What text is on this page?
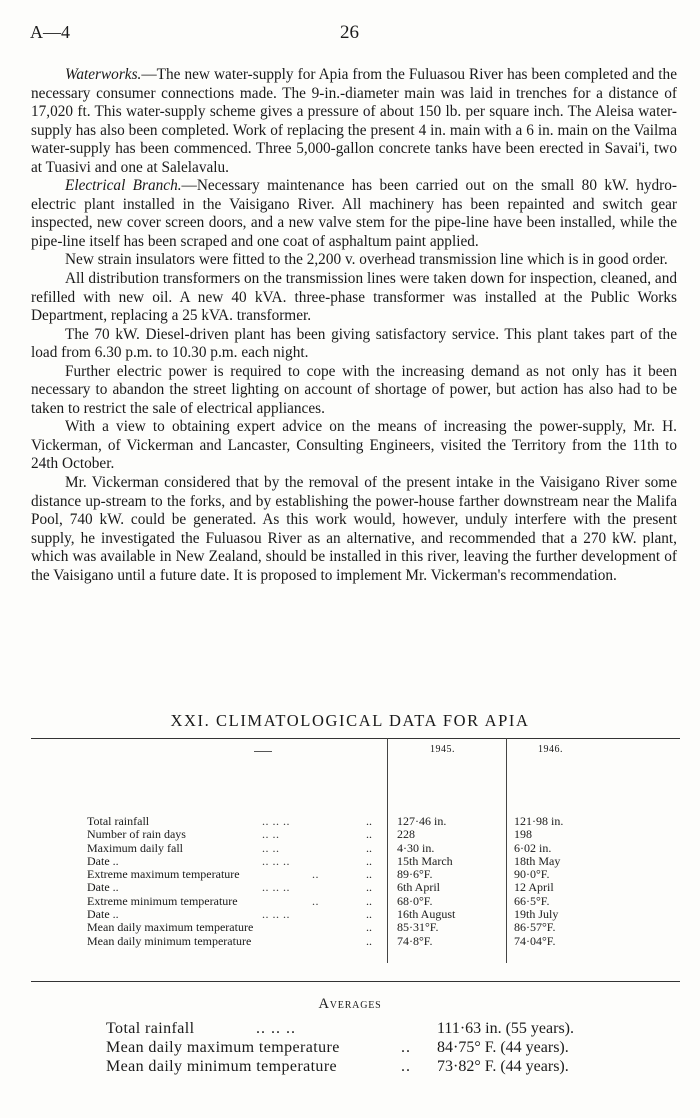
A—4	26

Waterworks.—The new water-supply for Apia from the Fuluasou River has been completed and the necessary consumer connections made. The 9-in.-diameter main was laid in trenches for a distance of 17,020 ft. This water-supply scheme gives a pressure of about 150 lb. per square inch. The Aleisa water-supply has also been completed. Work of replacing the present 4 in. main with a 6 in. main on the Vailma water-supply has been commenced. Three 5,000-gallon concrete tanks have been erected in Savai'i, two at Tuasivi and one at Salelavalu.

Electrical Branch.—Necessary maintenance has been carried out on the small 80 kW. hydro-electric plant installed in the Vaisigano River. All machinery has been repainted and switch gear inspected, new cover screen doors, and a new valve stem for the pipe-line have been installed, while the pipe-line itself has been scraped and one coat of asphaltum paint applied.

New strain insulators were fitted to the 2,200 v. overhead transmission line which is in good order.

All distribution transformers on the transmission lines were taken down for inspection, cleaned, and refilled with new oil. A new 40 kVA. three-phase transformer was installed at the Public Works Department, replacing a 25 kVA. transformer.

The 70 kW. Diesel-driven plant has been giving satisfactory service. This plant takes part of the load from 6.30 p.m. to 10.30 p.m. each night.

Further electric power is required to cope with the increasing demand as not only has it been necessary to abandon the street lighting on account of shortage of power, but action has also had to be taken to restrict the sale of electrical appliances.

With a view to obtaining expert advice on the means of increasing the power-supply, Mr. H. Vickerman, of Vickerman and Lancaster, Consulting Engineers, visited the Territory from the 11th to 24th October.

Mr. Vickerman considered that by the removal of the present intake in the Vaisigano River some distance up-stream to the forks, and by establishing the power-house farther downstream near the Malifa Pool, 740 kW. could be generated. As this work would, however, unduly interfere with the present supply, he investigated the Fuluasou River as an alternative, and recommended that a 270 kW. plant, which was available in New Zealand, should be installed in this river, leaving the further development of the Vaisigano until a future date. It is proposed to implement Mr. Vickerman's recommendation.

XXI. CLIMATOLOGICAL DATA FOR APIA
1945.	1946.
Total rainfall	.. .. ..	.. 127·46 in.	121·98 in.
Number of rain days	.. ..	.. 228	198
Maximum daily fall	.. ..	.. 4·30 in.	6·02 in.
Date ..	.. .. ..	.. 15th March	18th May
Extreme maximum temperature	..	.. 89·6°F.	90·0°F.
Date ..	.. .. ..	.. 6th April	12 April
Extreme minimum temperature	..	.. 68·0°F.	66·5°F.
Date ..	.. .. ..	.. 16th August	19th July
Mean daily maximum temperature	.. 85·31°F.	86·57°F.
Mean daily minimum temperature	.. 74·8°F.	74·04°F.
Averages
Total rainfall	.. .. ..	111·63 in. (55 years).
Mean daily maximum temperature	.. 84·75° F. (44 years).
Mean daily minimum temperature	.. 73·82° F. (44 years).
